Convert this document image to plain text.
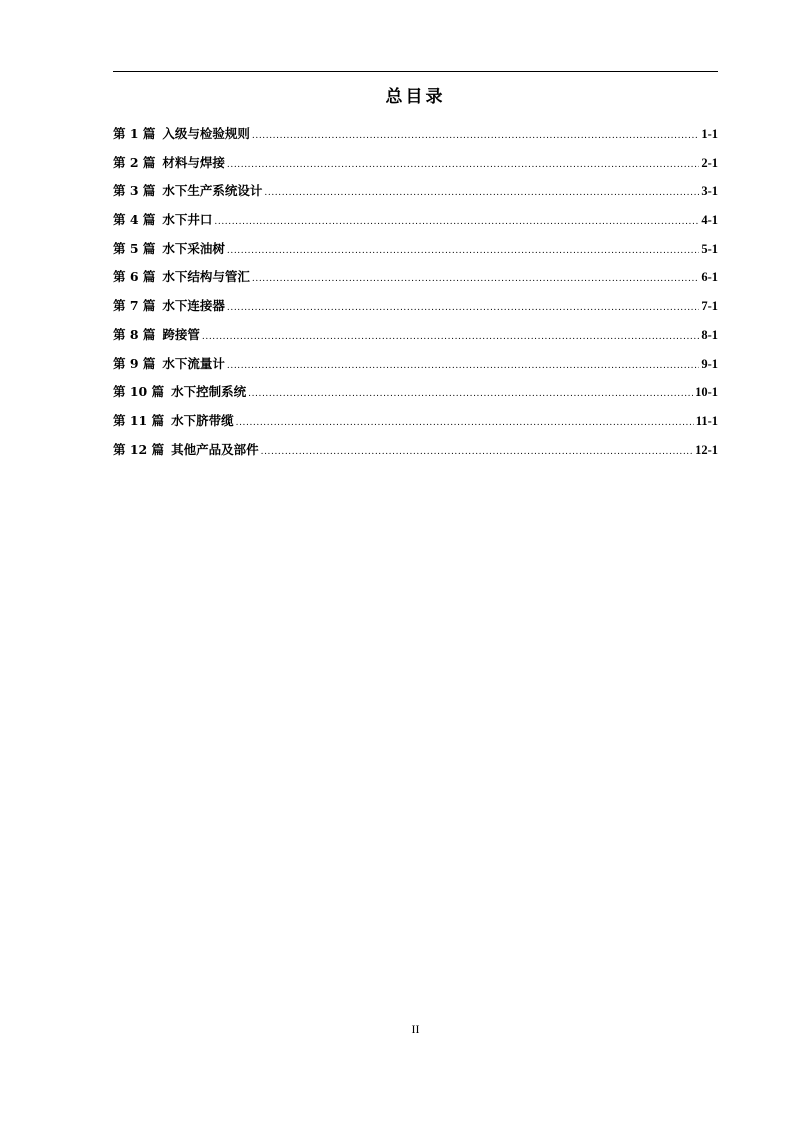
总目录
第 1 篇 入级与检验规则 .....	1-1
第 2 篇 材料与焊接 .....	2-1
第 3 篇 水下生产系统设计 .....	3-1
第 4 篇 水下井口 .....	4-1
第 5 篇 水下采油树 .....	5-1
第 6 篇 水下结构与管汇 .....	6-1
第 7 篇 水下连接器 .....	7-1
第 8 篇 跨接管 .....	8-1
第 9 篇 水下流量计 .....	9-1
第 10 篇 水下控制系统 .....	10-1
第 11 篇 水下脐带缆 .....	11-1
第 12 篇 其他产品及部件 .....	12-1
II
